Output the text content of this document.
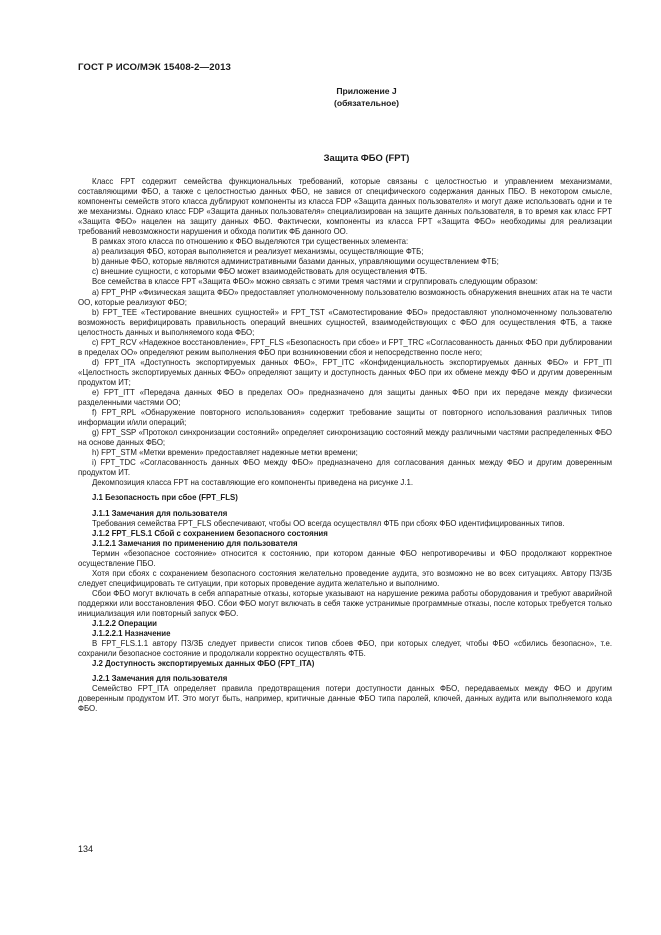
ГОСТ Р ИСО/МЭК 15408-2—2013
Приложение J
(обязательное)
Защита ФБО (FPT)

Класс FPT содержит семейства функциональных требований, которые связаны с целостностью и управлением механизмами, составляющими ФБО, а также с целостностью данных ФБО, не завися от специфического содержания данных ПБО. В некотором смысле, компоненты семейств этого класса дублируют компоненты из класса FDP «Защита данных пользователя» и могут даже использовать одни и те же механизмы. Однако класс FDP «Защита данных пользователя» специализирован на защите данных пользователя, в то время как класс FPT «Защита ФБО» нацелен на защиту данных ФБО. Фактически, компоненты из класса FPT «Защита ФБО» необходимы для реализации требований невозможности нарушения и обхода политик ФБ данного ОО.

В рамках этого класса по отношению к ФБО выделяются три существенных элемента:

а) реализация ФБО, которая выполняется и реализует механизмы, осуществляющие ФТБ;

b) данные ФБО, которые являются административными базами данных, управляющими осуществлением ФТБ;

с) внешние сущности, с которыми ФБО может взаимодействовать для осуществления ФТБ.

Все семейства в классе FPT «Защита ФБО» можно связать с этими тремя частями и сгруппировать следующим образом:

a) FPT_PHP «Физическая защита ФБО» предоставляет уполномоченному пользователю возможность обнаружения внешних атак на те части ОО, которые реализуют ФБО;

b) FPT_TEE «Тестирование внешних сущностей» и FPT_TST «Самотестирование ФБО» предоставляют уполномоченному пользователю возможность верифицировать правильность операций внешних сущностей, взаимодействующих с ФБО для осуществления ФТБ, а также целостность данных и выполняемого кода ФБО;

с) FPT_RCV «Надежное восстановление», FPT_FLS «Безопасность при сбое» и FPT_TRC «Согласованность данных ФБО при дублировании в пределах ОО» определяют режим выполнения ФБО при возникновении сбоя и непосредственно после него;

d) FPT_ITA «Доступность экспортируемых данных ФБО», FPT_ITC «Конфиденциальность экспортируемых данных ФБО» и FPT_ITI «Целостность экспортируемых данных ФБО» определяют защиту и доступность данных ФБО при их обмене между ФБО и другим доверенным продуктом ИТ;

е) FPT_ITT «Передача данных ФБО в пределах ОО» предназначено для защиты данных ФБО при их передаче между физически разделенными частями ОО;

f) FPT_RPL «Обнаружение повторного использования» содержит требование защиты от повторного использования различных типов информации и/или операций;

g) FPT_SSP «Протокол синхронизации состояний» определяет синхронизацию состояний между различными частями распределенных ФБО на основе данных ФБО;

h) FPT_STM «Метки времени» предоставляет надежные метки времени;

i) FPT_TDC «Согласованность данных ФБО между ФБО» предназначено для согласования данных между ФБО и другим доверенным продуктом ИТ.

Декомпозиция класса FPT на составляющие его компоненты приведена на рисунке J.1.

J.1 Безопасность при сбое (FPT_FLS)

J.1.1 Замечания для пользователя

Требования семейства FPT_FLS обеспечивают, чтобы ОО всегда осуществлял ФТБ при сбоях ФБО идентифицированных типов.

J.1.2 FPT_FLS.1 Сбой с сохранением безопасного состояния

J.1.2.1 Замечания по применению для пользователя

Термин «безопасное состояние» относится к состоянию, при котором данные ФБО непротиворечивы и ФБО продолжают корректное осуществление ПБО.

Хотя при сбоях с сохранением безопасного состояния желательно проведение аудита, это возможно не во всех ситуациях. Автору ПЗ/ЗБ следует специфицировать те ситуации, при которых проведение аудита желательно и выполнимо.

Сбои ФБО могут включать в себя аппаратные отказы, которые указывают на нарушение режима работы оборудования и требуют аварийной поддержки или восстановления ФБО. Сбои ФБО могут включать в себя также устранимые программные отказы, после которых требуется только инициализация или повторный запуск ФБО.

J.1.2.2 Операции

J.1.2.2.1 Назначение

В FPT_FLS.1.1 автору ПЗ/ЗБ следует привести список типов сбоев ФБО, при которых следует, чтобы ФБО «сбились безопасно», т.е. сохранили безопасное состояние и продолжали корректно осуществлять ФТБ.

J.2 Доступность экспортируемых данных ФБО (FPT_ITA)

J.2.1 Замечания для пользователя

Семейство FPT_ITA определяет правила предотвращения потери доступности данных ФБО, передаваемых между ФБО и другим доверенным продуктом ИТ. Это могут быть, например, критичные данные ФБО типа паролей, ключей, данных аудита или выполняемого кода ФБО.

134
